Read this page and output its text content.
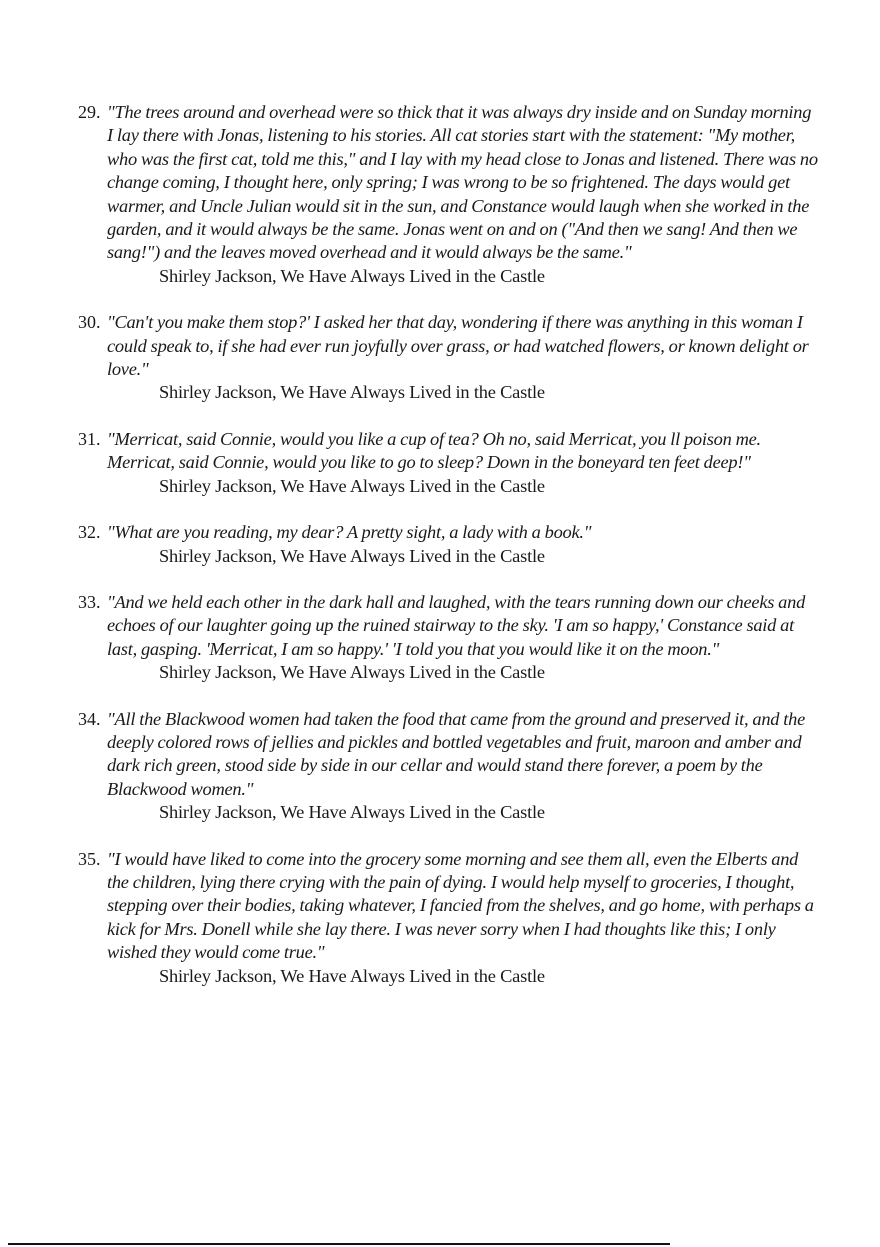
29. "The trees around and overhead were so thick that it was always dry inside and on Sunday morning I lay there with Jonas, listening to his stories. All cat stories start with the statement: "My mother, who was the first cat, told me this," and I lay with my head close to Jonas and listened. There was no change coming, I thought here, only spring; I was wrong to be so frightened. The days would get warmer, and Uncle Julian would sit in the sun, and Constance would laugh when she worked in the garden, and it would always be the same. Jonas went on and on ("And then we sang! And then we sang!") and the leaves moved overhead and it would always be the same."

Shirley Jackson, We Have Always Lived in the Castle

30. "Can't you make them stop?' I asked her that day, wondering if there was anything in this woman I could speak to, if she had ever run joyfully over grass, or had watched flowers, or known delight or love."

Shirley Jackson, We Have Always Lived in the Castle

31. "Merricat, said Connie, would you like a cup of tea? Oh no, said Merricat, you ll poison me. Merricat, said Connie, would you like to go to sleep? Down in the boneyard ten feet deep!"

Shirley Jackson, We Have Always Lived in the Castle

32. "What are you reading, my dear? A pretty sight, a lady with a book."

Shirley Jackson, We Have Always Lived in the Castle

33. "And we held each other in the dark hall and laughed, with the tears running down our cheeks and echoes of our laughter going up the ruined stairway to the sky. 'I am so happy,' Constance said at last, gasping. 'Merricat, I am so happy.' 'I told you that you would like it on the moon."

Shirley Jackson, We Have Always Lived in the Castle

34. "All the Blackwood women had taken the food that came from the ground and preserved it, and the deeply colored rows of jellies and pickles and bottled vegetables and fruit, maroon and amber and dark rich green, stood side by side in our cellar and would stand there forever, a poem by the Blackwood women."

Shirley Jackson, We Have Always Lived in the Castle

35. "I would have liked to come into the grocery some morning and see them all, even the Elberts and the children, lying there crying with the pain of dying. I would help myself to groceries, I thought, stepping over their bodies, taking whatever, I fancied from the shelves, and go home, with perhaps a kick for Mrs. Donell while she lay there. I was never sorry when I had thoughts like this; I only wished they would come true."

Shirley Jackson, We Have Always Lived in the Castle
